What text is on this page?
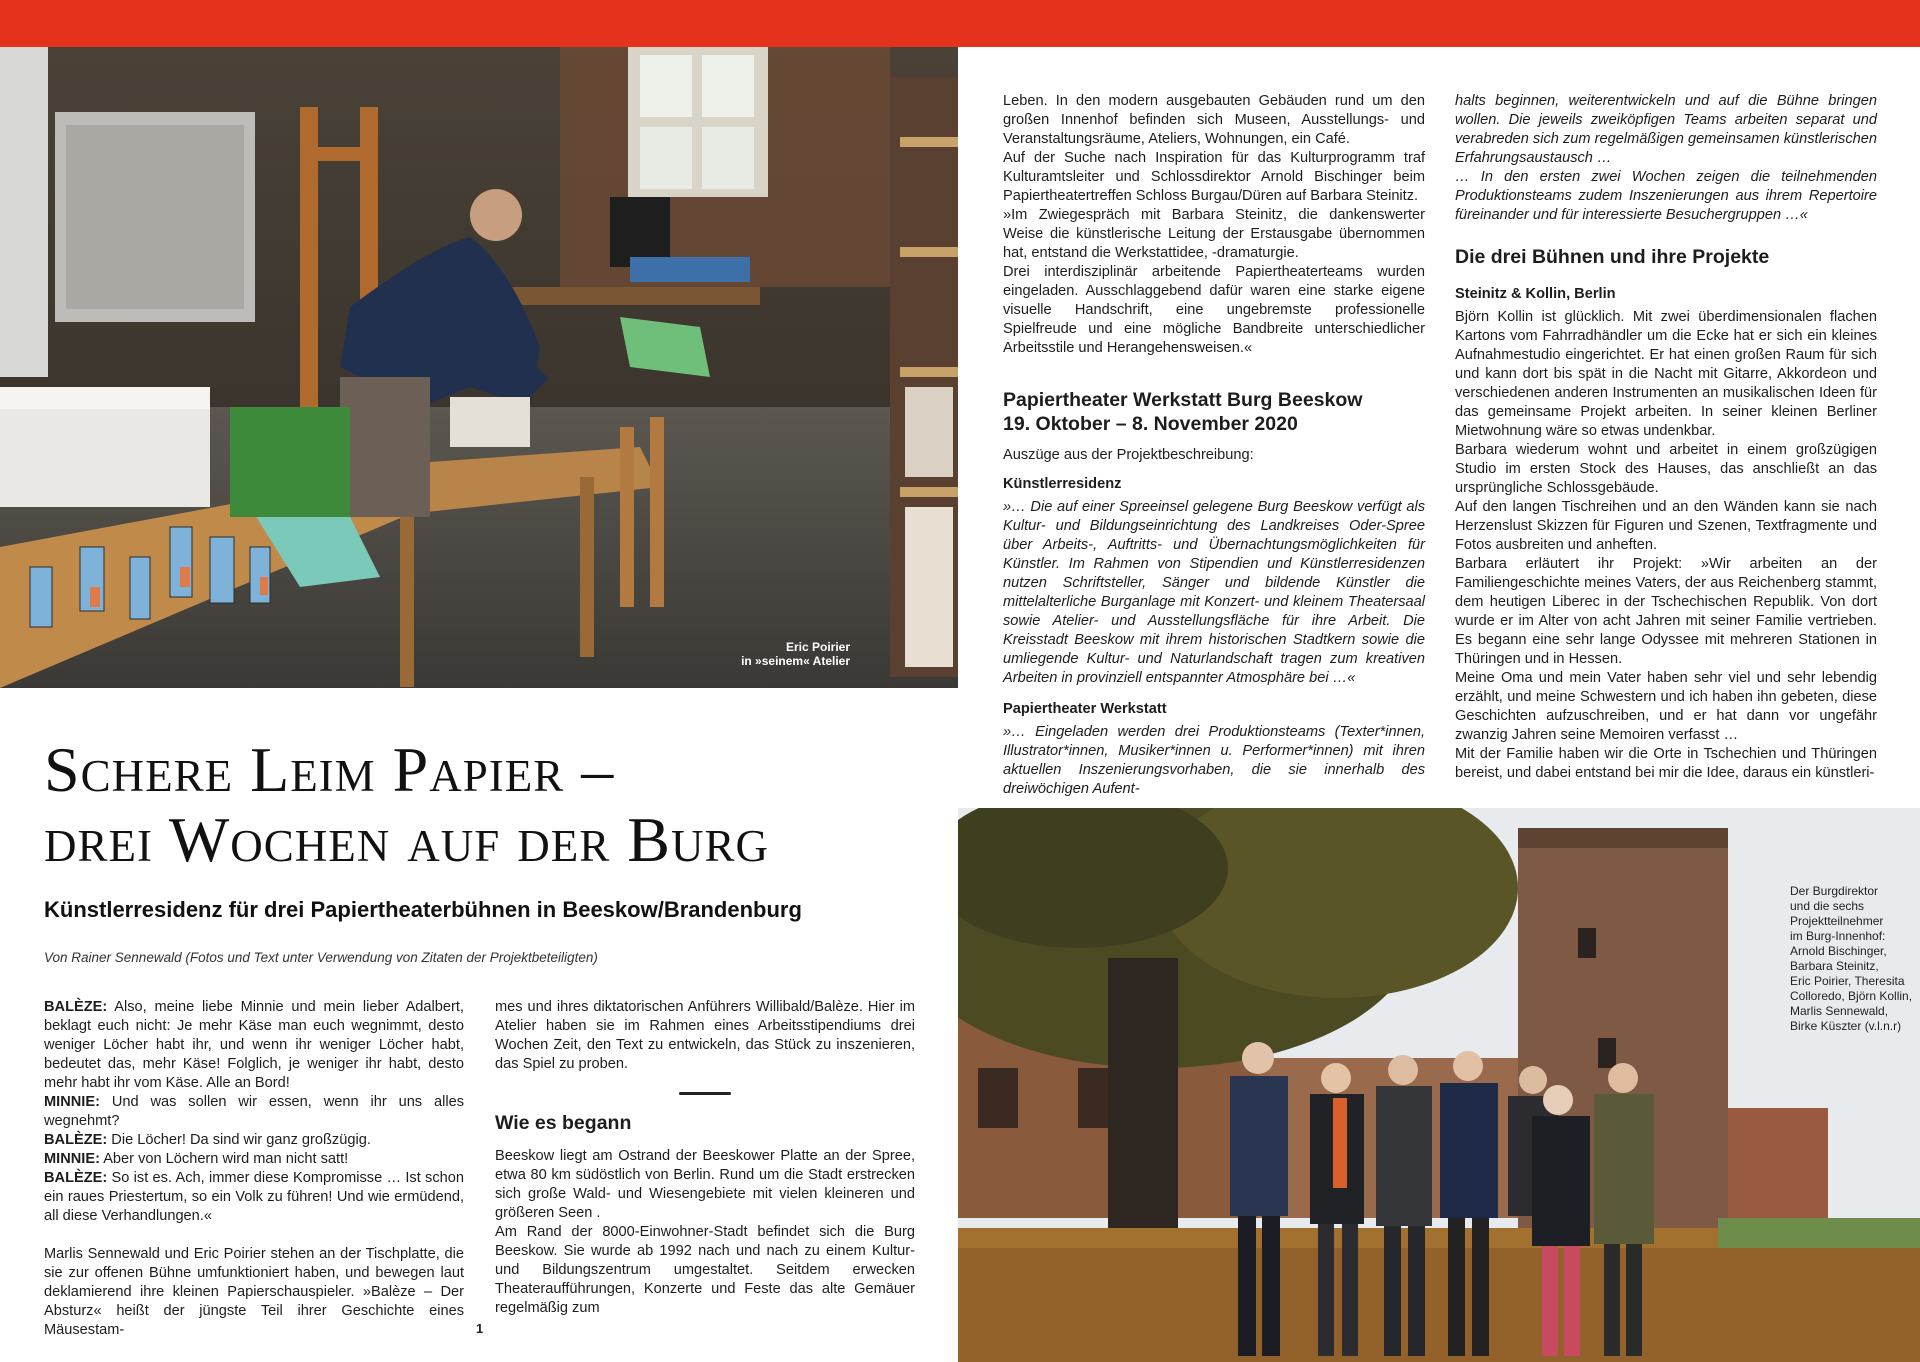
Eric Poirier
in »seinem« Atelier
Der Burgdirektor
und die sechs
Projektteilnehmer
im Burg-Innenhof:
Arnold Bischinger,
Barbara Steinitz,
Eric Poirier, Theresita
Colloredo, Björn Kollin,
Marlis Sennewald,
Birke Küszter (v.l.n.r)
Schere Leim Papier –
drei Wochen auf der Burg
Künstlerresidenz für drei Papiertheaterbühnen in Beeskow/Brandenburg
Von Rainer Sennewald (Fotos und Text unter Verwendung von Zitaten der Projektbeteiligten)

BALÈZE: Also, meine liebe Minnie und mein lieber Adalbert, beklagt euch nicht: Je mehr Käse man euch wegnimmt, desto weniger Löcher habt ihr, und wenn ihr weniger Löcher habt, bedeutet das, mehr Käse! Folglich, je weniger ihr habt, desto mehr habt ihr vom Käse. Alle an Bord!

MINNIE: Und was sollen wir essen, wenn ihr uns alles wegnehmt?

BALÈZE: Die Löcher! Da sind wir ganz großzügig.

MINNIE: Aber von Löchern wird man nicht satt!

BALÈZE: So ist es. Ach, immer diese Kompromisse … Ist schon ein raues Priestertum, so ein Volk zu führen! Und wie ermüdend, all diese Verhandlungen.«

Marlis Sennewald und Eric Poirier stehen an der Tischplatte, die sie zur offenen Bühne umfunktioniert haben, und bewegen laut deklamierend ihre kleinen Papierschauspieler. »Balèze – Der Absturz« heißt der jüngste Teil ihrer Geschichte eines Mäusestam-

mes und ihres diktatorischen Anführers Willibald/Balèze. Hier im Atelier haben sie im Rahmen eines Arbeitsstipendiums drei Wochen Zeit, den Text zu entwickeln, das Stück zu inszenieren, das Spiel zu proben.

Wie es begann

Beeskow liegt am Ostrand der Beeskower Platte an der Spree, etwa 80 km südöstlich von Berlin. Rund um die Stadt erstrecken sich große Wald- und Wiesengebiete mit vielen kleineren und größeren Seen .

Am Rand der 8000-Einwohner-Stadt befindet sich die Burg Beeskow. Sie wurde ab 1992 nach und nach zu einem Kultur- und Bildungszentrum umgestaltet. Seitdem erwecken Theateraufführungen, Konzerte und Feste das alte Gemäuer regelmäßig zum

1

Leben. In den modern ausgebauten Gebäuden rund um den großen Innenhof befinden sich Museen, Ausstellungs- und Veranstaltungsräume, Ateliers, Wohnungen, ein Café.

Auf der Suche nach Inspiration für das Kulturprogramm traf Kulturamtsleiter und Schlossdirektor Arnold Bischinger beim Papiertheatertreffen Schloss Burgau/Düren auf Barbara Steinitz.

»Im Zwiegespräch mit Barbara Steinitz, die dankenswerter Weise die künstlerische Leitung der Erstausgabe übernommen hat, entstand die Werkstattidee, -dramaturgie.

Drei interdisziplinär arbeitende Papiertheaterteams wurden eingeladen. Ausschlaggebend dafür waren eine starke eigene visuelle Handschrift, eine ungebremste professionelle Spielfreude und eine mögliche Bandbreite unterschiedlicher Arbeitsstile und Herangehensweisen.«

Papiertheater Werkstatt Burg Beeskow

19. Oktober – 8. November 2020

Auszüge aus der Projektbeschreibung:

Künstlerresidenz

»… Die auf einer Spreeinsel gelegene Burg Beeskow verfügt als Kultur- und Bildungseinrichtung des Landkreises Oder-Spree über Arbeits-, Auftritts- und Übernachtungsmöglichkeiten für Künstler. Im Rahmen von Stipendien und Künstlerresidenzen nutzen Schriftsteller, Sänger und bildende Künstler die mittelalterliche Burganlage mit Konzert- und kleinem Theatersaal sowie Atelier- und Ausstellungsfläche für ihre Arbeit. Die Kreisstadt Beeskow mit ihrem historischen Stadtkern sowie die umliegende Kultur- und Naturlandschaft tragen zum kreativen Arbeiten in provinziell entspannter Atmosphäre bei …«

Papiertheater Werkstatt

»… Eingeladen werden drei Produktionsteams (Texter*innen, Illustrator*innen, Musiker*innen u. Performer*innen) mit ihren aktuellen Inszenierungsvorhaben, die sie innerhalb des dreiwöchigen Aufent-

halts beginnen, weiterentwickeln und auf die Bühne bringen wollen. Die jeweils zweiköpfigen Teams arbeiten separat und verabreden sich zum regelmäßigen gemeinsamen künstlerischen Erfahrungsaustausch …

… In den ersten zwei Wochen zeigen die teilnehmenden Produktionsteams zudem Inszenierungen aus ihrem Repertoire füreinander und für interessierte Besuchergruppen …«

Die drei Bühnen und ihre Projekte

Steinitz & Kollin, Berlin

Björn Kollin ist glücklich. Mit zwei überdimensionalen flachen Kartons vom Fahrradhändler um die Ecke hat er sich ein kleines Aufnahmestudio eingerichtet. Er hat einen großen Raum für sich und kann dort bis spät in die Nacht mit Gitarre, Akkordeon und verschiedenen anderen Instrumenten an musikalischen Ideen für das gemeinsame Projekt arbeiten. In seiner kleinen Berliner Mietwohnung wäre so etwas undenkbar.

Barbara wiederum wohnt und arbeitet in einem großzügigen Studio im ersten Stock des Hauses, das anschließt an das ursprüngliche Schlossgebäude.

Auf den langen Tischreihen und an den Wänden kann sie nach Herzenslust Skizzen für Figuren und Szenen, Textfragmente und Fotos ausbreiten und anheften.

Barbara erläutert ihr Projekt: »Wir arbeiten an der Familiengeschichte meines Vaters, der aus Reichenberg stammt, dem heutigen Liberec in der Tschechischen Republik. Von dort wurde er im Alter von acht Jahren mit seiner Familie vertrieben. Es begann eine sehr lange Odyssee mit mehreren Stationen in Thüringen und in Hessen.

Meine Oma und mein Vater haben sehr viel und sehr lebendig erzählt, und meine Schwestern und ich haben ihn gebeten, diese Geschichten aufzuschreiben, und er hat dann vor ungefähr zwanzig Jahren seine Memoiren verfasst …

Mit der Familie haben wir die Orte in Tschechien und Thüringen bereist, und dabei entstand bei mir die Idee, daraus ein künstleri-
